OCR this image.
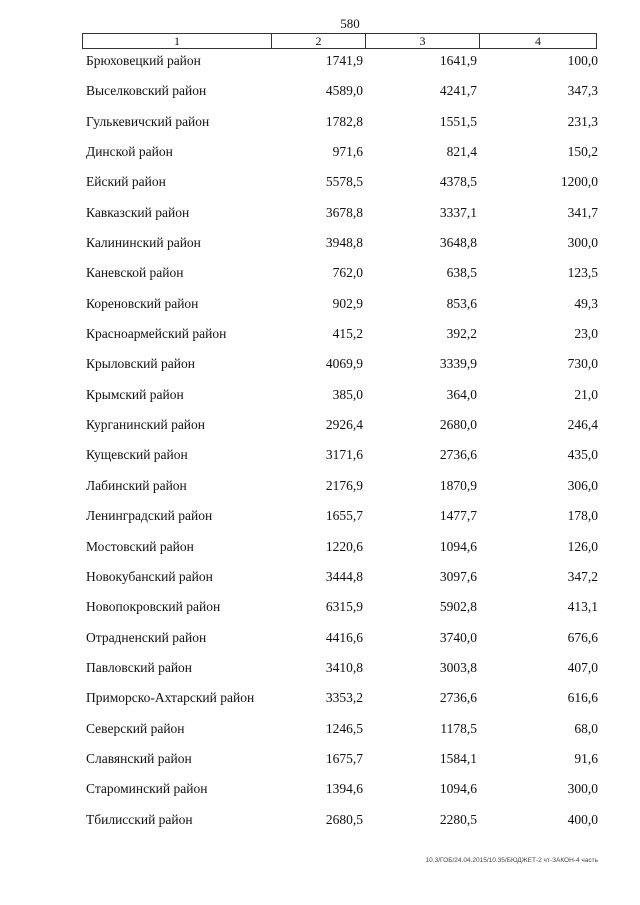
580
1	2	3	4
Брюховецкий район	1741,9	1641,9	100,0
Выселковский район	4589,0	4241,7	347,3
Гулькевичский район	1782,8	1551,5	231,3
Динской район	971,6	821,4	150,2
Ейский район	5578,5	4378,5	1200,0
Кавказский район	3678,8	3337,1	341,7
Калининский район	3948,8	3648,8	300,0
Каневской район	762,0	638,5	123,5
Кореновский район	902,9	853,6	49,3
Красноармейский район	415,2	392,2	23,0
Крыловский район	4069,9	3339,9	730,0
Крымский район	385,0	364,0	21,0
Курганинский район	2926,4	2680,0	246,4
Кущевский район	3171,6	2736,6	435,0
Лабинский район	2176,9	1870,9	306,0
Ленинградский район	1655,7	1477,7	178,0
Мостовский район	1220,6	1094,6	126,0
Новокубанский район	3444,8	3097,6	347,2
Новопокровский район	6315,9	5902,8	413,1
Отрадненский район	4416,6	3740,0	676,6
Павловский район	3410,8	3003,8	407,0
Приморско-Ахтарский район	3353,2	2736,6	616,6
Северский район	1246,5	1178,5	68,0
Славянский район	1675,7	1584,1	91,6
Староминский район	1394,6	1094,6	300,0
Тбилисский район	2680,5	2280,5	400,0
10.3/ГОБ/24.04.2015/10.35/БЮДЖЕТ-2 чт-ЗАКОН-4 часть
